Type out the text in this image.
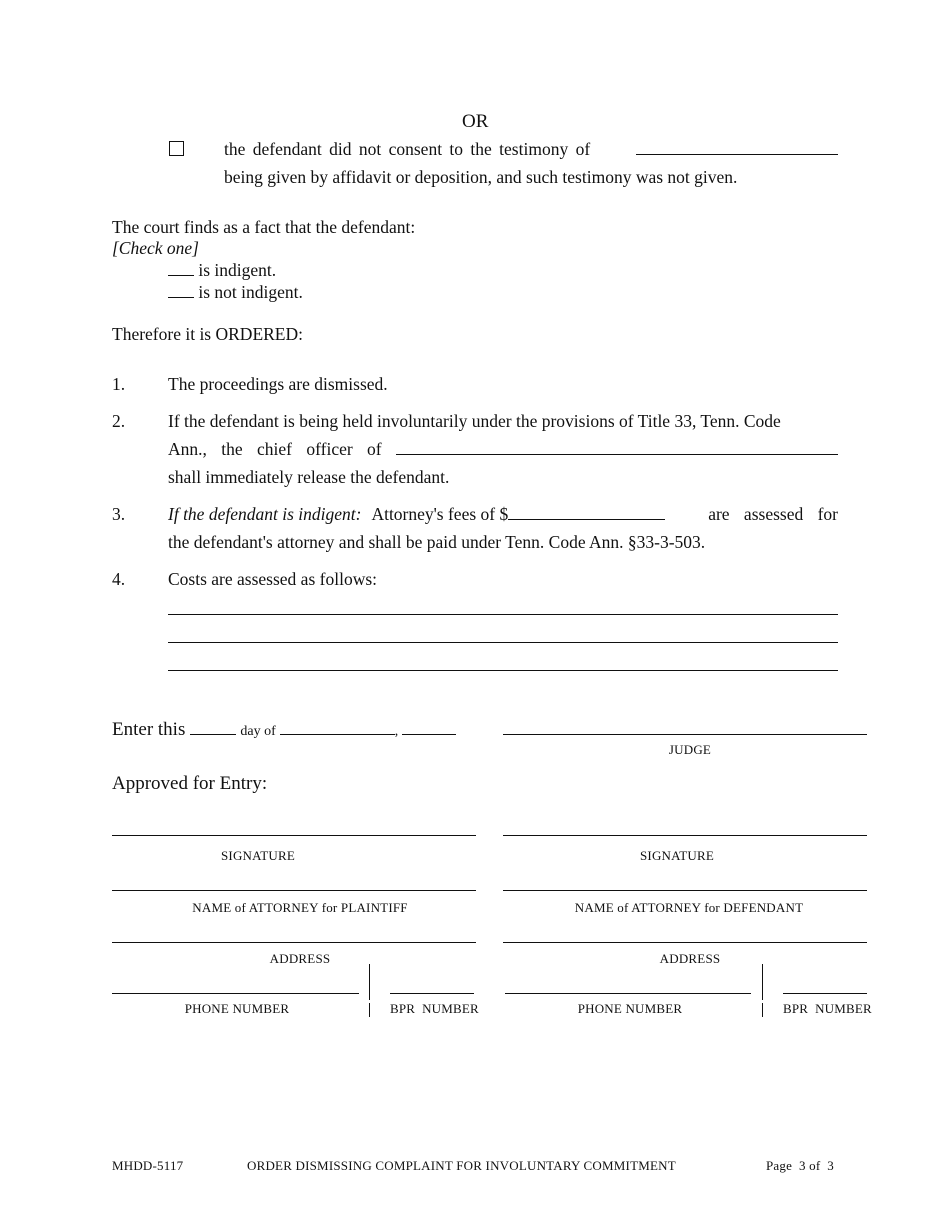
OR
the defendant did not consent to the testimony of
being given by affidavit or deposition, and such testimony was not given.
The court finds as a fact that the defendant:
[Check one]
is indigent.
is not indigent.
Therefore it is ORDERED:
1. The proceedings are dismissed.
2. If the defendant is being held involuntarily under the provisions of Title 33, Tenn. Code
Ann., the chief officer of
shall immediately release the defendant.
3. If the defendant is indigent: Attorney's fees of $	are assessed for
the defendant's attorney and shall be paid under Tenn. Code Ann. §33-3-503.
4. Costs are assessed as follows:
Enter this	day of	,
JUDGE
Approved for Entry:
SIGNATURE
NAME of ATTORNEY for PLAINTIFF
ADDRESS
PHONE NUMBER	BPR  NUMBER
SIGNATURE
NAME of ATTORNEY for DEFENDANT
ADDRESS
PHONE NUMBER	BPR  NUMBER
MHDD-5117	ORDER DISMISSING COMPLAINT FOR INVOLUNTARY COMMITMENT	Page  3 of  3
